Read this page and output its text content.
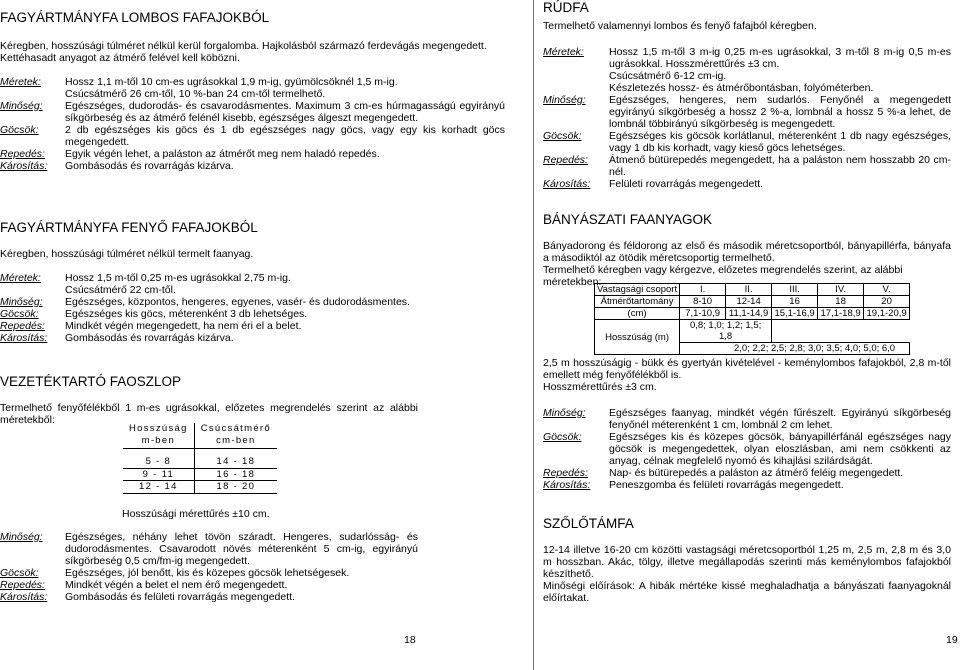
FAGYÁRTMÁNYFA LOMBOS FAFAJOKBÓL
Kéregben, hosszúsági túlméret nélkül kerül forgalomba. Hajkolásból származó ferdevágás megengedett. Kettéhasadt anyagot az átmérő felével kell köbözni.
Méretek:	Hossz 1,1 m-től 10 cm-es ugrásokkal 1,9 m-ig, gyümölcsöknél 1,5 m-ig.
Csúcsátmérő 26 cm-től, 10 %-ban 24 cm-től termelhető.
Minőség:	Egészséges, dudorodás- és csavarodásmentes. Maximum 3 cm-es húrmagasságú egyirányú síkgörbeség és az átmérő felénél kisebb, egészséges álgeszt megengedett.
Göcsök:	2 db egészséges kis göcs és 1 db egészséges nagy göcs, vagy egy kis korhadt göcs megengedett.
Repedés:	Egyik végén lehet, a paláston az átmérőt meg nem haladó repedés.
Károsítás:	Gombásodás és rovarrágás kizárva.
FAGYÁRTMÁNYFA FENYŐ FAFAJOKBÓL
Kéregben, hosszúsági túlméret nélkül termelt faanyag.
Méretek:	Hossz 1,5 m-től 0,25 m-es ugrásokkal 2,75 m-ig.
Csúcsátmérő 22 cm-től.
Minőség:	Egészséges, központos, hengeres, egyenes, vasér- és dudorodásmentes.
Göcsök:	Egészséges kis göcs, méterenként 3 db lehetséges.
Repedés:	Mindkét végén megengedett, ha nem éri el a belet.
Károsítás:	Gombásodás és rovarrágás kizárva.
VEZETÉKTARTÓ FAOSZLOP
Termelhető fenyőfélékből 1 m-es ugrásokkal, előzetes megrendelés szerint az alábbi méretekből:
Hosszúság
m-ben	Csúcsátmérő
cm-ben

5 - 8	14 - 18
9 - 11	16 - 18
12 - 14	18 - 20
Hosszúsági mérettűrés ±10 cm.
Minőség:	Egészséges, néhány lehet tövön száradt. Hengeres, sudarlósság- és dudorodásmentes. Csavarodott növés méterenként 5 cm-ig, egyirányú síkgörbeség 0,5 cm/fm-ig megengedett.
Göcsök:	Egészséges, jól benőtt, kis és közepes göcsök lehetségesek.
Repedés:	Mindkét végén a belet el nem érő megengedett.
Károsítás:	Gombásodás és felületi rovarrágás megengedett.
18
RÚDFA
Termelhető valamennyi lombos és fenyő fafajból kéregben.
Méretek:	Hossz 1,5 m-től 3 m-ig 0,25 m-es ugrásokkal, 3 m-től 8 m-ig 0,5 m-es ugrásokkal. Hosszmérettűrés ±3 cm.
Csúcsátmérő 6-12 cm-ig.
Készletezés hossz- és átmérőbontásban, folyóméterben.
Minőség:	Egészséges, hengeres, nem sudarlós. Fenyőnél a megengedett egyirányú síkgörbeség a hossz 2 %-a, lombnál a hossz 5 %-a lehet, de lombnál többirányú síkgörbeség is megengedett.
Göcsök:	Egészséges kis göcsök korlátlanul, méterenként 1 db nagy egészséges, vagy 1 db kis korhadt, vagy kieső göcs lehetséges.
Repedés:	Átmenő bütürepedés megengedett, ha a paláston nem hosszabb 20 cm-nél.
Károsítás:	Felületi rovarrágás megengedett.
BÁNYÁSZATI FAANYAGOK
Bányadorong és féldorong az első és második méretcsoportból, bányapillérfa, bányafa a másodiktól az ötödik méretcsoportig termelhető.
Termelhető kéregben vagy kérgezve, előzetes megrendelés szerint, az alábbi méretekben:
Vastagsági csoport	I.	II.	III.	IV.	V.
Átmérőtartomány	8-10	12-14	16	18	20
(cm)	7,1-10,9	11,1-14,9	15,1-16,9	17,1-18,9	19,1-20,9
Hosszúság (m)	0,8; 1,0; 1,2; 1,5; 1,8				
	2,0; 2,2; 2,5; 2,8; 3,0; 3,5; 4,0; 5,0; 6,0				
2,5 m hosszúságig - bükk és gyertyán kivételével - keménylombos fafajokból, 2,8 m-től emellett még fenyőfélékből is.
Hosszmérettűrés ±3 cm.
Minőség:	Egészséges faanyag, mindkét végén fűrészelt. Egyirányú síkgörbeség fenyőnél méterenként 1 cm, lombnál 2 cm lehet.
Göcsök:	Egészséges kis és közepes göcsök, bányapillérfánál egészséges nagy göcsök is megengedettek, olyan eloszlásban, ami nem csökkenti az anyag, célnak megfelelő nyomó és kihajlási szilárdságát.
Repedés:	Nap- és bütürepedés a paláston az átmérő feléig megengedett.
Károsítás:	Peneszgomba és felületi rovarrágás megengedett.
SZŐLŐTÁMFA
12-14 illetve 16-20 cm közötti vastagsági méretcsoportból 1,25 m, 2,5 m, 2,8 m és 3,0 m hosszban. Akác, tölgy, illetve megállapodás szerinti más keménylombos fafajokból készíthető.
Minőségi előírások: A hibák mértéke kissé meghaladhatja a bányászati faanyagoknál előírtakat.
19
